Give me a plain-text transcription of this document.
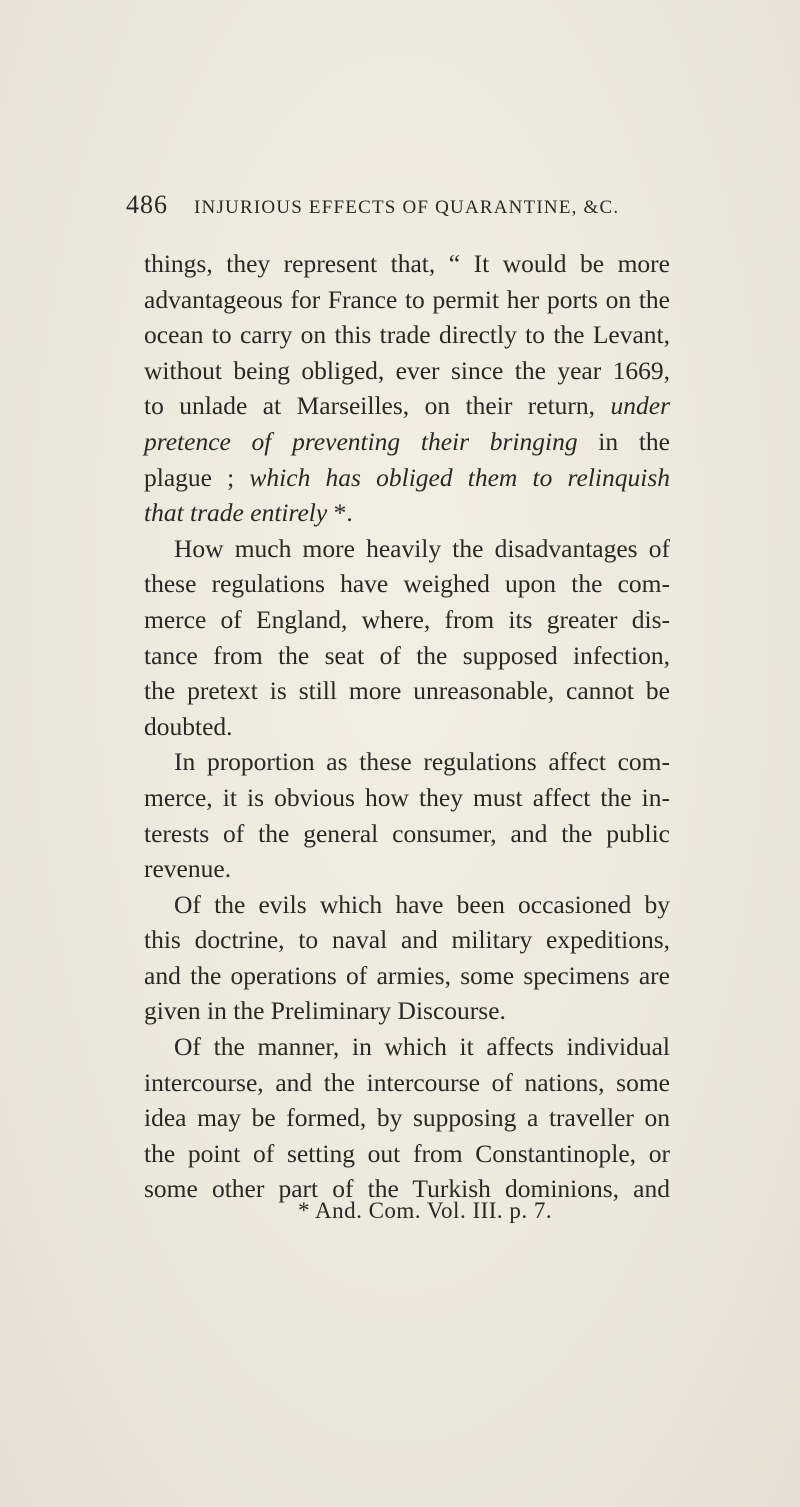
486 INJURIOUS EFFECTS OF QUARANTINE, &C.
things, they represent that, “ It would be more
advantageous for France to permit her ports on the
ocean to carry on this trade directly to the Levant,
without being obliged, ever since the year 1669,
to unlade at Marseilles, on their return, under
pretence of preventing their bringing in the
plague ; which has obliged them to relinquish
that trade entirely *.
How much more heavily the disadvantages of
these regulations have weighed upon the com-
merce of England, where, from its greater dis-
tance from the seat of the supposed infection,
the pretext is still more unreasonable, cannot be
doubted.
In proportion as these regulations affect com-
merce, it is obvious how they must affect the in-
terests of the general consumer, and the public
revenue.
Of the evils which have been occasioned by
this doctrine, to naval and military expeditions,
and the operations of armies, some specimens are
given in the Preliminary Discourse.
Of the manner, in which it affects individual
intercourse, and the intercourse of nations, some
idea may be formed, by supposing a traveller on
the point of setting out from Constantinople, or
some other part of the Turkish dominions, and
* And. Com. Vol. III. p. 7.
